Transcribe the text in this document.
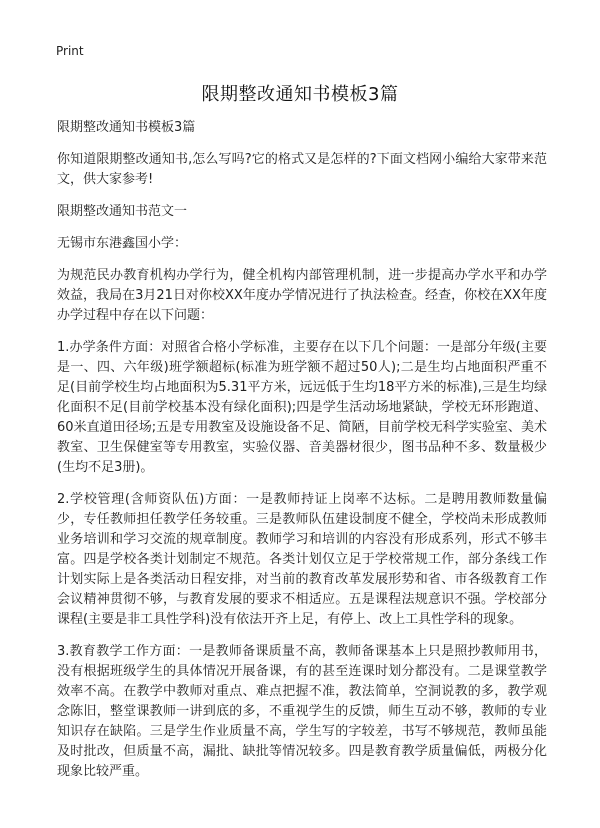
Print
限期整改通知书模板3篇

限期整改通知书模板3篇

你知道限期整改通知书,怎么写吗?它的格式又是怎样的?下面文档网小编给大家带来范文，供大家参考!

限期整改通知书范文一

无锡市东港鑫国小学：

为规范民办教育机构办学行为，健全机构内部管理机制，进一步提高办学水平和办学效益，我局在3月21日对你校XX年度办学情况进行了执法检查。经查，你校在XX年度办学过程中存在以下问题：

1.办学条件方面：对照省合格小学标准，主要存在以下几个问题：一是部分年级(主要是一、四、六年级)班学额超标(标准为班学额不超过50人);二是生均占地面积严重不足(目前学校生均占地面积为5.31平方米，远远低于生均18平方米的标准),三是生均绿化面积不足(目前学校基本没有绿化面积);四是学生活动场地紧缺，学校无环形跑道、60米直道田径场;五是专用教室及设施设备不足、简陋，目前学校无科学实验室、美术教室、卫生保健室等专用教室，实验仪器、音美器材很少，图书品种不多、数量极少(生均不足3册)。

2.学校管理(含师资队伍)方面：一是教师持证上岗率不达标。二是聘用教师数量偏少，专任教师担任教学任务较重。三是教师队伍建设制度不健全，学校尚未形成教师业务培训和学习交流的规章制度。教师学习和培训的内容没有形成系列，形式不够丰富。四是学校各类计划制定不规范。各类计划仅立足于学校常规工作，部分条线工作计划实际上是各类活动日程安排，对当前的教育改革发展形势和省、市各级教育工作会议精神贯彻不够，与教育发展的要求不相适应。五是课程法规意识不强。学校部分课程(主要是非工具性学科)没有依法开齐上足，有停上、改上工具性学科的现象。

3.教育教学工作方面：一是教师备课质量不高，教师备课基本上只是照抄教师用书，没有根据班级学生的具体情况开展备课，有的甚至连课时划分都没有。二是课堂教学效率不高。在教学中教师对重点、难点把握不准，教法简单，空洞说教的多，教学观念陈旧，整堂课教师一讲到底的多，不重视学生的反馈，师生互动不够，教师的专业知识存在缺陷。三是学生作业质量不高，学生写的字较差，书写不够规范，教师虽能及时批改，但质量不高，漏批、缺批等情况较多。四是教育教学质量偏低，两极分化现象比较严重。
